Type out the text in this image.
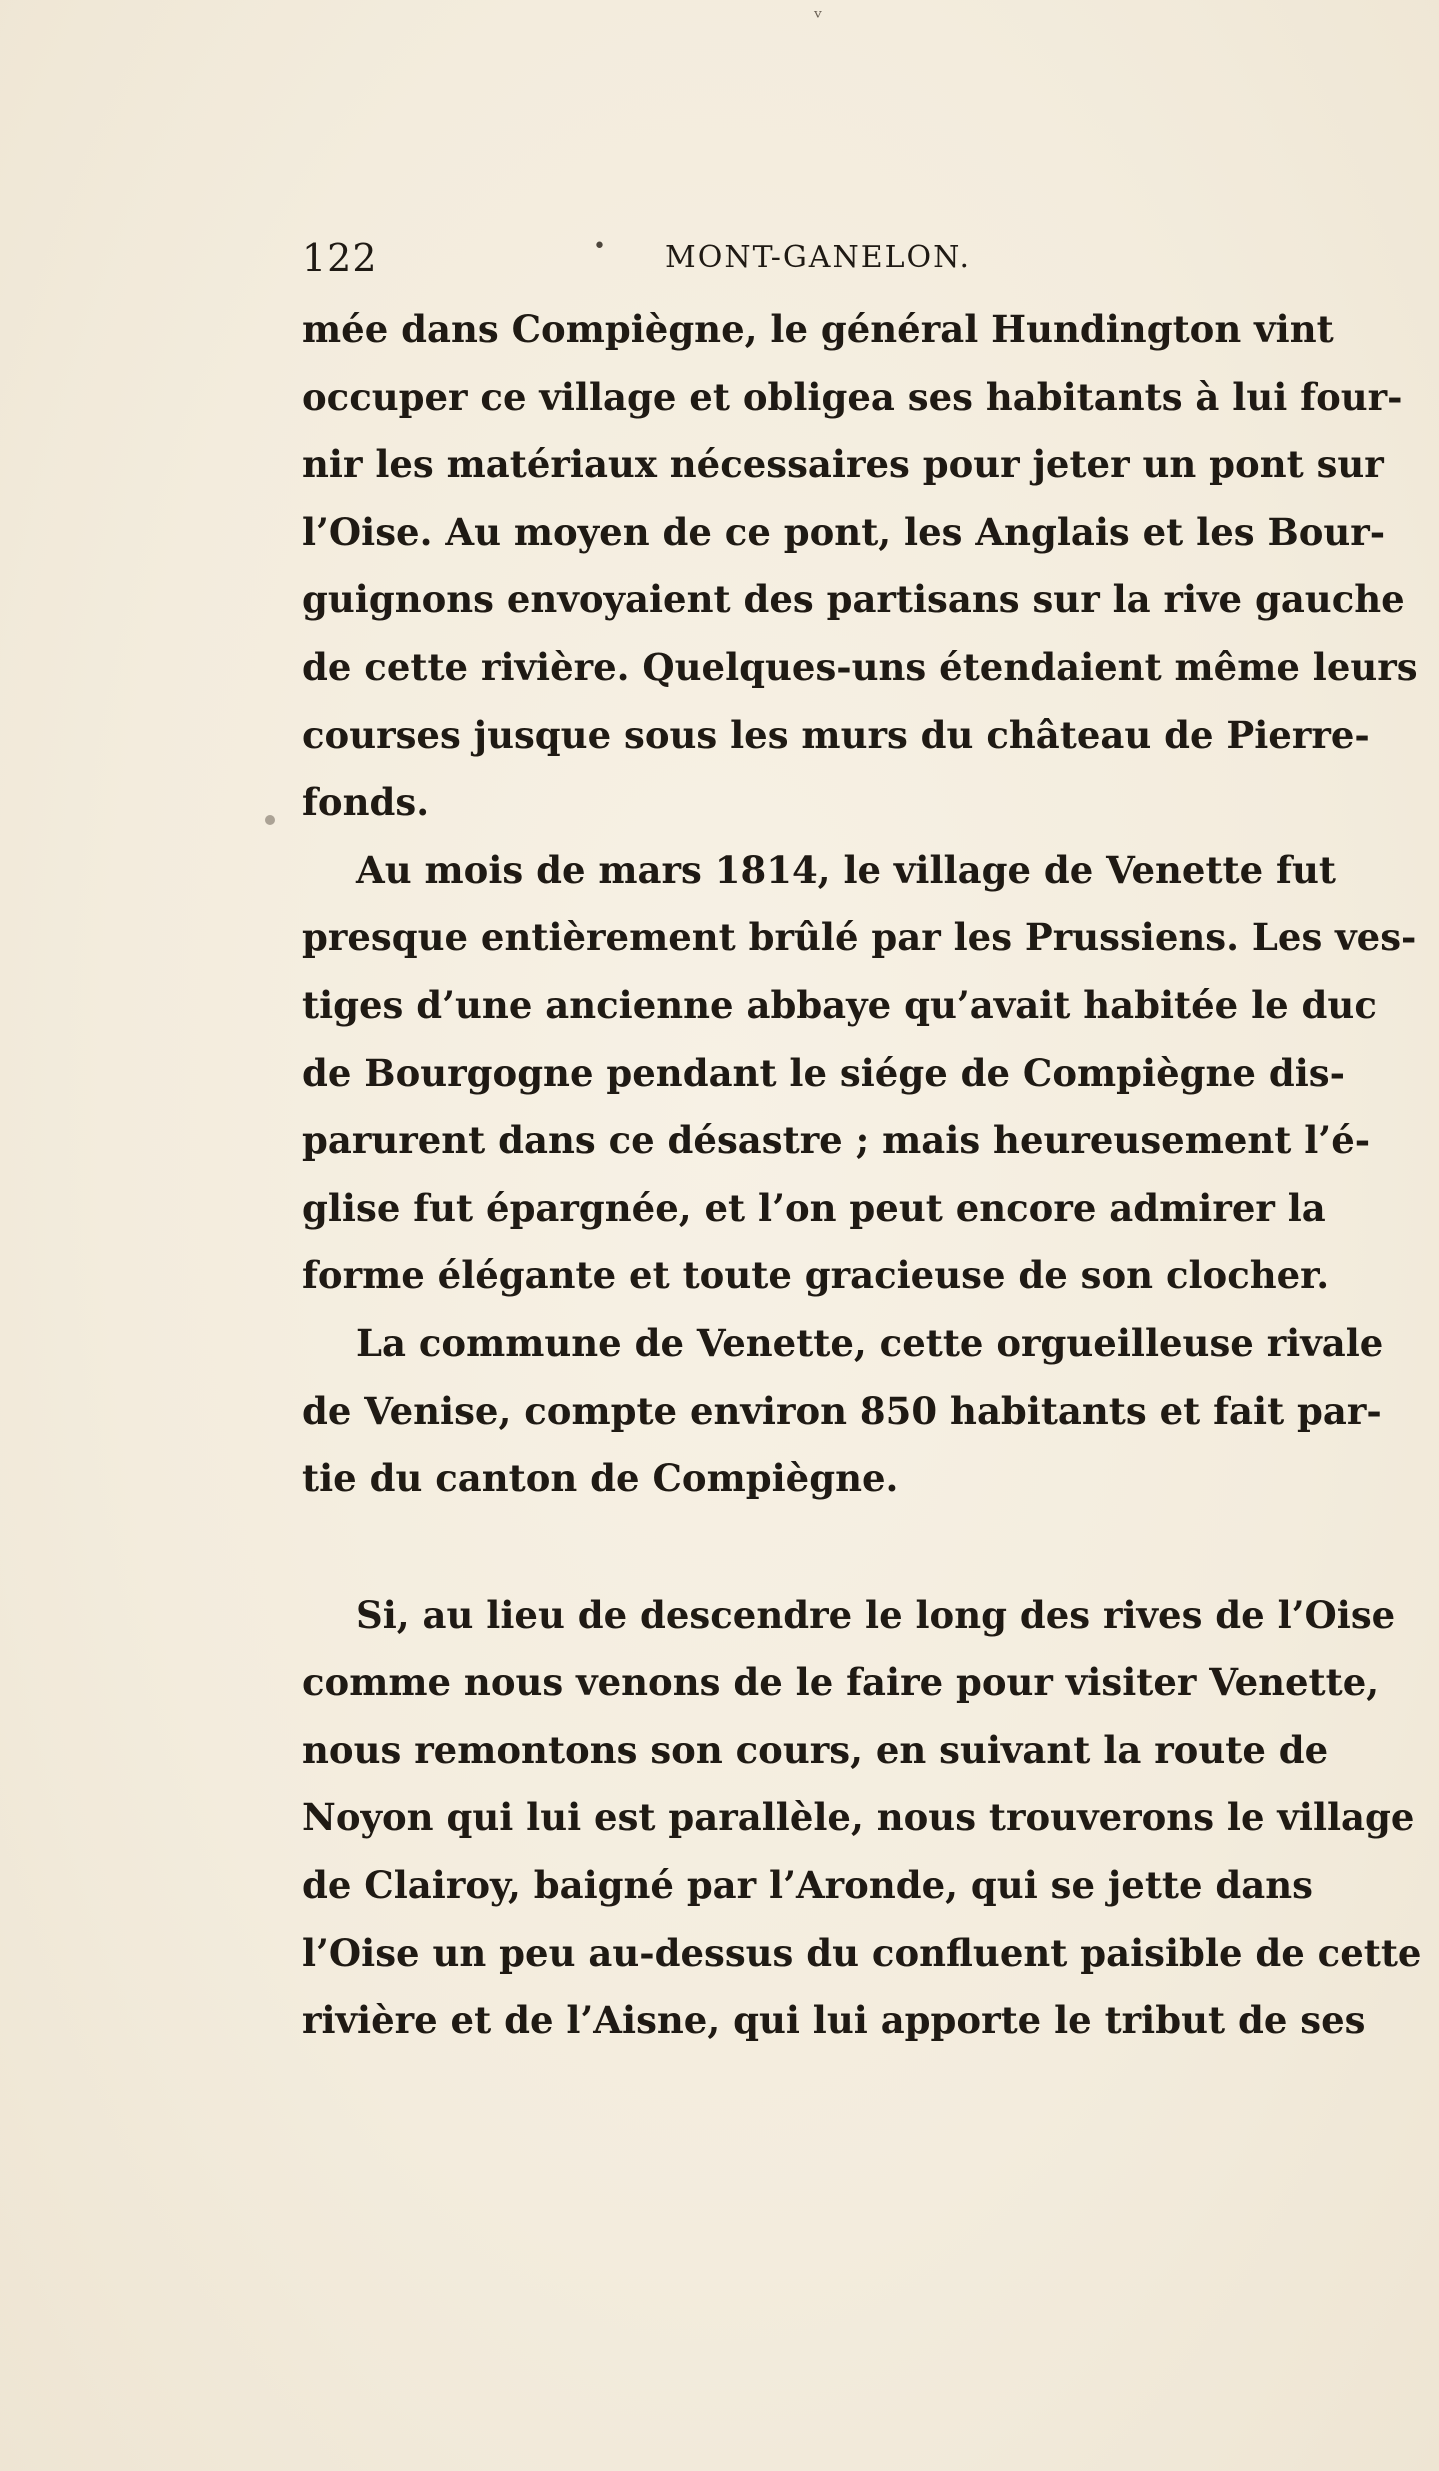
ᵛ
122	• MONT-GANELON.
mée dans Compiègne, le général Hundington vint
occuper ce village et obligea ses habitants à lui four-
nir les matériaux nécessaires pour jeter un pont sur
l’Oise. Au moyen de ce pont, les Anglais et les Bour-
guignons envoyaient des partisans sur la rive gauche
de cette rivière. Quelques-uns étendaient même leurs
courses jusque sous les murs du château de Pierre-
fonds.
Au mois de mars 1814, le village de Venette fut
presque entièrement brûlé par les Prussiens. Les ves-
tiges d’une ancienne abbaye qu’avait habitée le duc
de Bourgogne pendant le siége de Compiègne dis-
parurent dans ce désastre ; mais heureusement l’é-
glise fut épargnée, et l’on peut encore admirer la
forme élégante et toute gracieuse de son clocher.
La commune de Venette, cette orgueilleuse rivale
de Venise, compte environ 850 habitants et fait par-
tie du canton de Compiègne.
Si, au lieu de descendre le long des rives de l’Oise
comme nous venons de le faire pour visiter Venette,
nous remontons son cours, en suivant la route de
Noyon qui lui est parallèle, nous trouverons le village
de Clairoy, baigné par l’Aronde, qui se jette dans
l’Oise un peu au-dessus du confluent paisible de cette
rivière et de l’Aisne, qui lui apporte le tribut de ses
